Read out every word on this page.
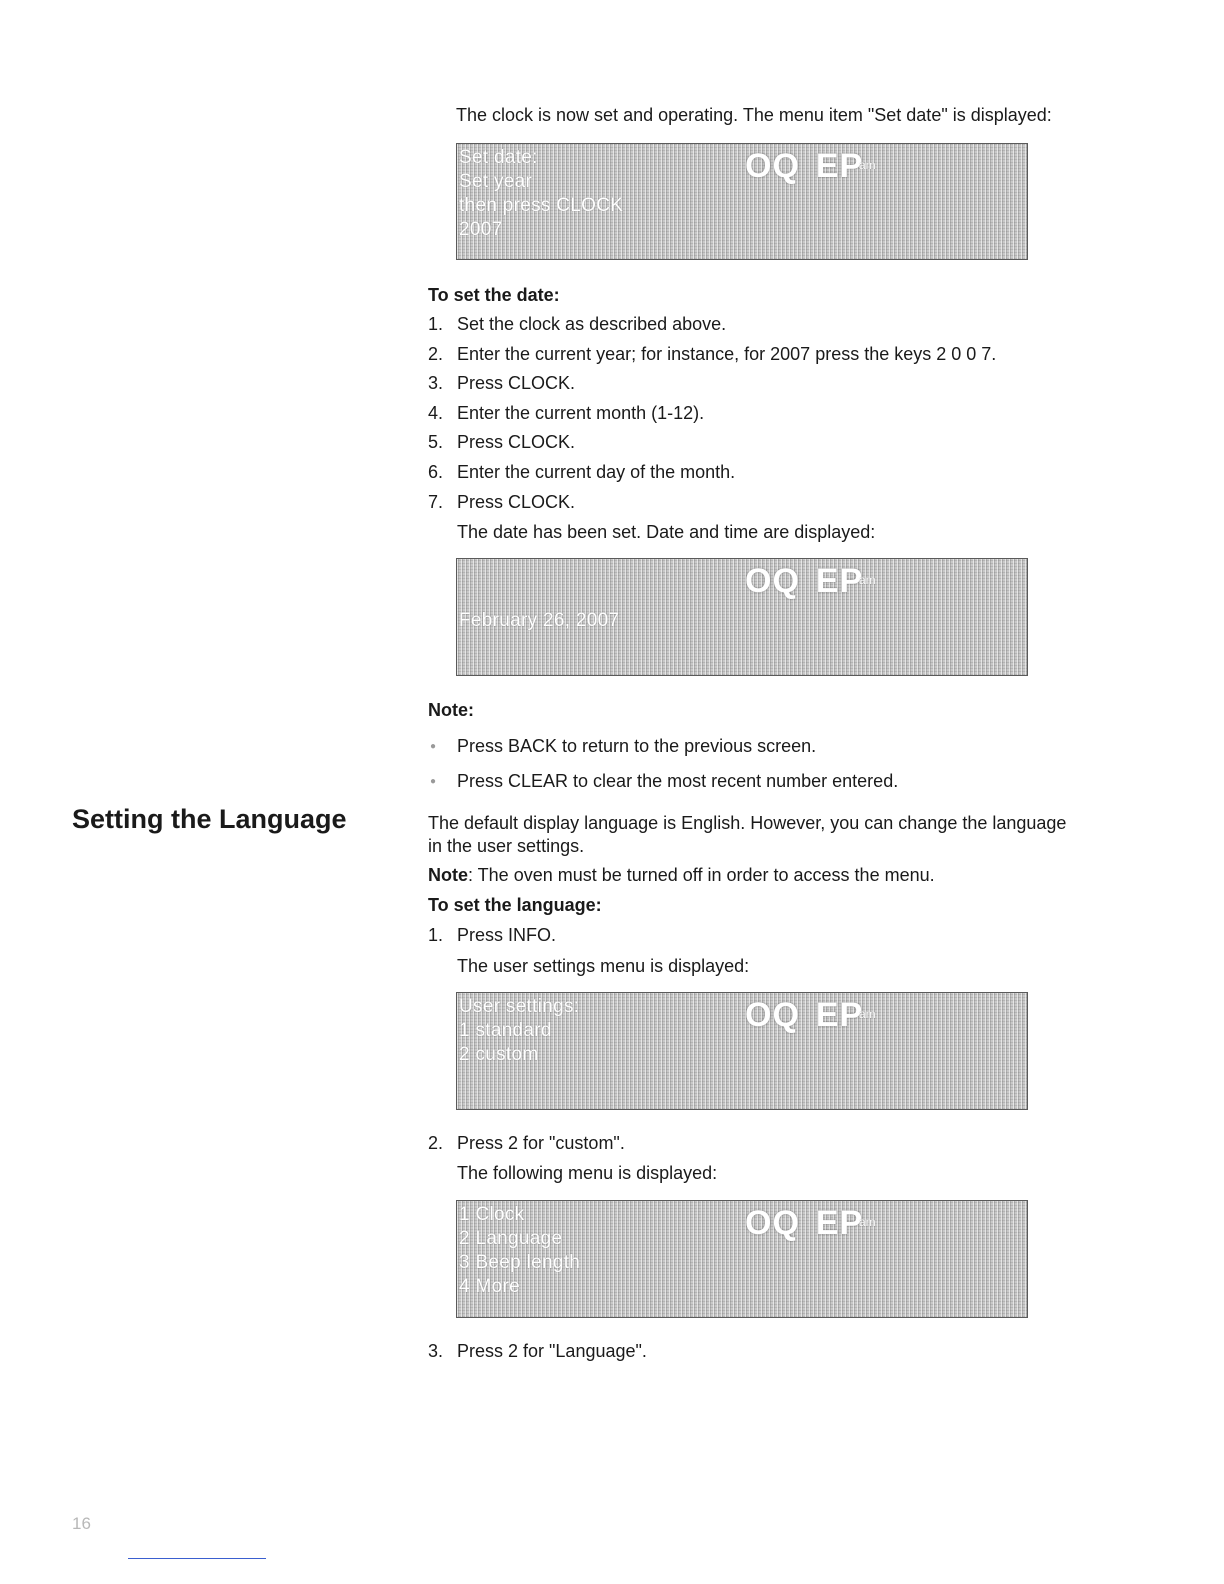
The clock is now set and operating. The menu item "Set date" is displayed:
Set date:
Set year
then press CLOCK
2007
OQ EP
am
To set the date:
1. Set the clock as described above.
2. Enter the current year; for instance, for 2007 press the keys 2 0 0 7.
3. Press CLOCK.
4. Enter the current month (1-12).
5. Press CLOCK.
6. Enter the current day of the month.
7. Press CLOCK.
The date has been set. Date and time are displayed:
February 26, 2007
OQ EP
am
Note:
● Press BACK to return to the previous screen.
● Press CLEAR to clear the most recent number entered.
Setting the Language	The default display language is English. However, you can change the language
in the user settings.
Note: The oven must be turned off in order to access the menu.
To set the language:
1. Press INFO.
The user settings menu is displayed:
User settings:
1 standard
2 custom
OQ EP
am
2. Press 2 for "custom".
The following menu is displayed:
1 Clock
2 Language
3 Beep length
4 More
OQ EP
am
3. Press 2 for "Language".
16
